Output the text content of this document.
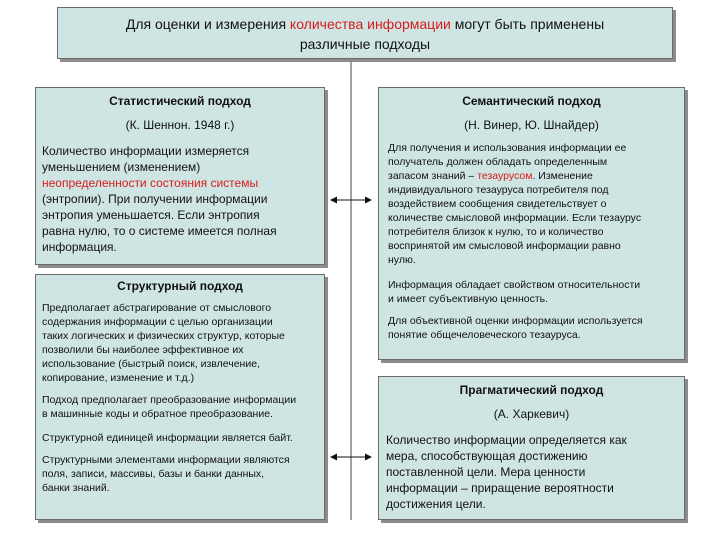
Для оценки и измерения количества информации могут быть применены
различные подходы
Статистический подход
(К. Шеннон. 1948 г.)
Количество информации измеряется
уменьшением (изменением)
неопределенности состояния системы
(энтропии). При получении информации
энтропия уменьшается. Если энтропия
равна нулю, то о системе имеется полная
информация.
Структурный подход
Предполагает абстрагирование от смыслового
содержания информации с целью организации
таких логических и физических структур, которые
позволили бы наиболее эффективное их
использование (быстрый поиск, извлечение,
копирование, изменение и т.д.)
Подход предполагает преобразование информации
в машинные коды и обратное преобразование.
Структурной единицей информации является байт.
Структурными элементами информации являются
поля, записи, массивы, базы и банки данных,
банки знаний.
Семантический подход
(Н. Винер, Ю. Шнайдер)
Для получения и использования информации ее
получатель должен обладать определенным
запасом знаний – тезаурусом. Изменение
индивидуального тезауруса потребителя под
воздействием сообщения свидетельствует о
количестве смысловой информации. Если тезаурус
потребителя близок к нулю, то и количество
воспринятой им смысловой информации равно
нулю.
Информация обладает свойством относительности
и имеет субъективную ценность.
Для объективной оценки информации используется
понятие общечеловеческого тезауруса.
Прагматический подход
(А. Харкевич)
Количество информации определяется как
мера, способствующая достижению
поставленной цели. Мера ценности
информации – приращение вероятности
достижения цели.
